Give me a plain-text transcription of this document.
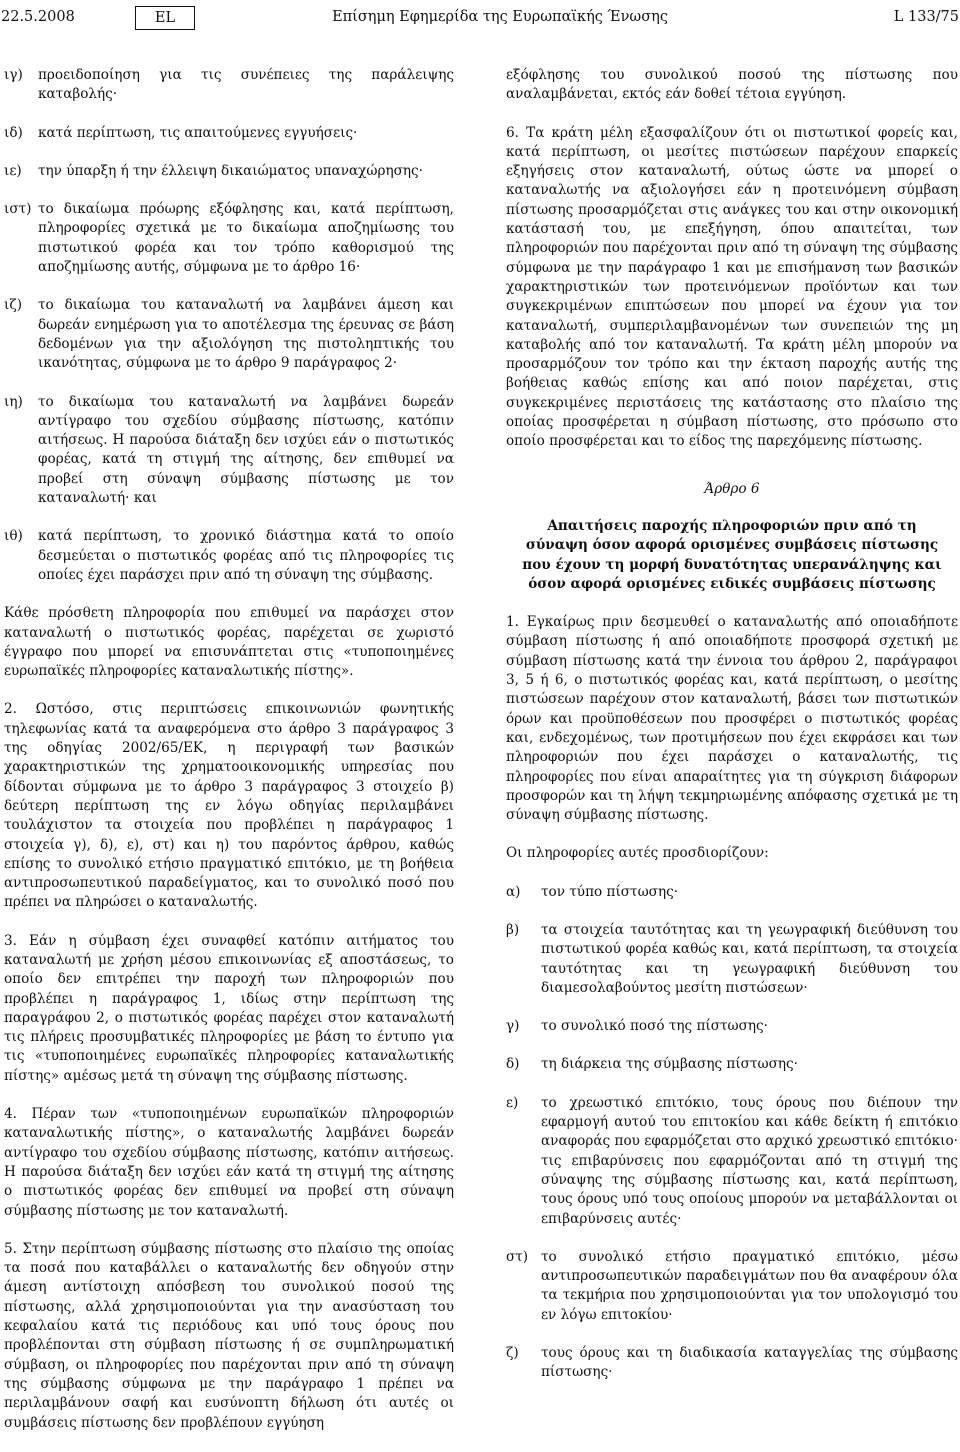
22.5.2008	EL	Επίσημη Εφημερίδα της Ευρωπαϊκής Ένωσης	L 133/75
ιγ)	προειδοποίηση για τις συνέπειες της παράλειψης καταβολής·
ιδ)	κατά περίπτωση, τις απαιτούμενες εγγυήσεις·
ιε)	την ύπαρξη ή την έλλειψη δικαιώματος υπαναχώρησης·
ιστ) το δικαίωμα πρόωρης εξόφλησης και, κατά περίπτωση, πληροφορίες σχετικά με το δικαίωμα αποζημίωσης του πιστωτικού φορέα και τον τρόπο καθορισμού της αποζημίωσης αυτής, σύμφωνα με το άρθρο 16·
ιζ)	το δικαίωμα του καταναλωτή να λαμβάνει άμεση και δωρεάν ενημέρωση για το αποτέλεσμα της έρευνας σε βάση δεδομένων για την αξιολόγηση της πιστοληπτικής του ικανότητας, σύμφωνα με το άρθρο 9 παράγραφος 2·
ιη)	το δικαίωμα του καταναλωτή να λαμβάνει δωρεάν αντίγραφο του σχεδίου σύμβασης πίστωσης, κατόπιν αιτήσεως. Η παρούσα διάταξη δεν ισχύει εάν ο πιστωτικός φορέας, κατά τη στιγμή της αίτησης, δεν επιθυμεί να προβεί στη σύναψη σύμβασης πίστωσης με τον καταναλωτή· και
ιθ)	κατά περίπτωση, το χρονικό διάστημα κατά το οποίο δεσμεύεται ο πιστωτικός φορέας από τις πληροφορίες τις οποίες έχει παράσχει πριν από τη σύναψη της σύμβασης.

Κάθε πρόσθετη πληροφορία που επιθυμεί να παράσχει στον καταναλωτή ο πιστωτικός φορέας, παρέχεται σε χωριστό έγγραφο που μπορεί να επισυνάπτεται στις «τυποποιημένες ευρωπαϊκές πληροφορίες καταναλωτικής πίστης».

2. Ωστόσο, στις περιπτώσεις επικοινωνιών φωνητικής τηλεφωνίας κατά τα αναφερόμενα στο άρθρο 3 παράγραφος 3 της οδηγίας 2002/65/ΕΚ, η περιγραφή των βασικών χαρακτηριστικών της χρηματοοικονομικής υπηρεσίας που δίδονται σύμφωνα με το άρθρο 3 παράγραφος 3 στοιχείο β) δεύτερη περίπτωση της εν λόγω οδηγίας περιλαμβάνει τουλάχιστον τα στοιχεία που προβλέπει η παράγραφος 1 στοιχεία γ), δ), ε), στ) και η) του παρόντος άρθρου, καθώς επίσης το συνολικό ετήσιο πραγματικό επιτόκιο, με τη βοήθεια αντιπροσωπευτικού παραδείγματος, και το συνολικό ποσό που πρέπει να πληρώσει ο καταναλωτής.

3. Εάν η σύμβαση έχει συναφθεί κατόπιν αιτήματος του καταναλωτή με χρήση μέσου επικοινωνίας εξ αποστάσεως, το οποίο δεν επιτρέπει την παροχή των πληροφοριών που προβλέπει η παράγραφος 1, ιδίως στην περίπτωση της παραγράφου 2, ο πιστωτικός φορέας παρέχει στον καταναλωτή τις πλήρεις προσυμβατικές πληροφορίες με βάση το έντυπο για τις «τυποποιημένες ευρωπαϊκές πληροφορίες καταναλωτικής πίστης» αμέσως μετά τη σύναψη της σύμβασης πίστωσης.

4. Πέραν των «τυποποιημένων ευρωπαϊκών πληροφοριών καταναλωτικής πίστης», ο καταναλωτής λαμβάνει δωρεάν αντίγραφο του σχεδίου σύμβασης πίστωσης, κατόπιν αιτήσεως. Η παρούσα διάταξη δεν ισχύει εάν κατά τη στιγμή της αίτησης ο πιστωτικός φορέας δεν επιθυμεί να προβεί στη σύναψη σύμβασης πίστωσης με τον καταναλωτή.

5. Στην περίπτωση σύμβασης πίστωσης στο πλαίσιο της οποίας τα ποσά που καταβάλλει ο καταναλωτής δεν οδηγούν στην άμεση αντίστοιχη απόσβεση του συνολικού ποσού της πίστωσης, αλλά χρησιμοποιούνται για την ανασύσταση του κεφαλαίου κατά τις περιόδους και υπό τους όρους που προβλέπονται στη σύμβαση πίστωσης ή σε συμπληρωματική σύμβαση, οι πληροφορίες που παρέχονται πριν από τη σύναψη της σύμβασης σύμφωνα με την παράγραφο 1 πρέπει να περιλαμβάνουν σαφή και ευσύνοπτη δήλωση ότι αυτές οι συμβάσεις πίστωσης δεν προβλέπουν εγγύηση

εξόφλησης του συνολικού ποσού της πίστωσης που αναλαμβάνεται, εκτός εάν δοθεί τέτοια εγγύηση.

6. Τα κράτη μέλη εξασφαλίζουν ότι οι πιστωτικοί φορείς και, κατά περίπτωση, οι μεσίτες πιστώσεων παρέχουν επαρκείς εξηγήσεις στον καταναλωτή, ούτως ώστε να μπορεί ο καταναλωτής να αξιολογήσει εάν η προτεινόμενη σύμβαση πίστωσης προσαρμόζεται στις ανάγκες του και στην οικονομική κατάστασή του, με επεξήγηση, όπου απαιτείται, των πληροφοριών που παρέχονται πριν από τη σύναψη της σύμβασης σύμφωνα με την παράγραφο 1 και με επισήμανση των βασικών χαρακτηριστικών των προτεινόμενων προϊόντων και των συγκεκριμένων επιπτώσεων που μπορεί να έχουν για τον καταναλωτή, συμπεριλαμβανομένων των συνεπειών της μη καταβολής από τον καταναλωτή. Τα κράτη μέλη μπορούν να προσαρμόζουν τον τρόπο και την έκταση παροχής αυτής της βοήθειας καθώς επίσης και από ποιον παρέχεται, στις συγκεκριμένες περιστάσεις της κατάστασης στο πλαίσιο της οποίας προσφέρεται η σύμβαση πίστωσης, στο πρόσωπο στο οποίο προσφέρεται και το είδος της παρεχόμενης πίστωσης.

Άρθρο 6
Απαιτήσεις παροχής πληροφοριών πριν από τη σύναψη όσον αφορά ορισμένες συμβάσεις πίστωσης που έχουν τη μορφή δυνατότητας υπερανάληψης και όσον αφορά ορισμένες ειδικές συμβάσεις πίστωσης

1. Εγκαίρως πριν δεσμευθεί ο καταναλωτής από οποιαδήποτε σύμβαση πίστωσης ή από οποιαδήποτε προσφορά σχετική με σύμβαση πίστωσης κατά την έννοια του άρθρου 2, παράγραφοι 3, 5 ή 6, ο πιστωτικός φορέας και, κατά περίπτωση, ο μεσίτης πιστώσεων παρέχουν στον καταναλωτή, βάσει των πιστωτικών όρων και προϋποθέσεων που προσφέρει ο πιστωτικός φορέας και, ενδεχομένως, των προτιμήσεων που έχει εκφράσει και των πληροφοριών που έχει παράσχει ο καταναλωτής, τις πληροφορίες που είναι απαραίτητες για τη σύγκριση διάφορων προσφορών και τη λήψη τεκμηριωμένης απόφασης σχετικά με τη σύναψη σύμβασης πίστωσης.

Οι πληροφορίες αυτές προσδιορίζουν:

α)	τον τύπο πίστωσης·
β)	τα στοιχεία ταυτότητας και τη γεωγραφική διεύθυνση του πιστωτικού φορέα καθώς και, κατά περίπτωση, τα στοιχεία ταυτότητας και τη γεωγραφική διεύθυνση του διαμεσολαβούντος μεσίτη πιστώσεων·
γ)	το συνολικό ποσό της πίστωσης·
δ)	τη διάρκεια της σύμβασης πίστωσης·
ε)	το χρεωστικό επιτόκιο, τους όρους που διέπουν την εφαρμογή αυτού του επιτοκίου και κάθε δείκτη ή επιτόκιο αναφοράς που εφαρμόζεται στο αρχικό χρεωστικό επιτόκιο· τις επιβαρύνσεις που εφαρμόζονται από τη στιγμή της σύναψης της σύμβασης πίστωσης και, κατά περίπτωση, τους όρους υπό τους οποίους μπορούν να μεταβάλλονται οι επιβαρύνσεις αυτές·
στ) το συνολικό ετήσιο πραγματικό επιτόκιο, μέσω αντιπροσωπευτικών παραδειγμάτων που θα αναφέρουν όλα τα τεκμήρια που χρησιμοποιούνται για τον υπολογισμό του εν λόγω επιτοκίου·
ζ)	τους όρους και τη διαδικασία καταγγελίας της σύμβασης πίστωσης·
